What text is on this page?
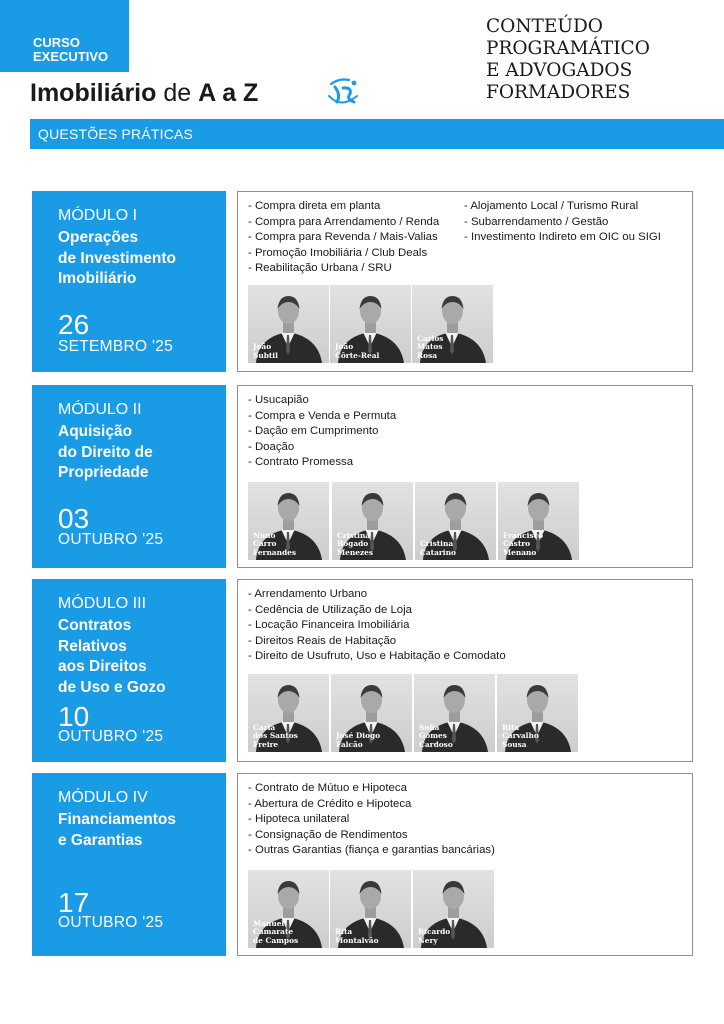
CURSO
EXECUTIVO
Imobiliário de A a Z
CONTEÚDO
PROGRAMÁTICO
E ADVOGADOS
FORMADORES
QUESTÕES PRÁTICAS
MÓDULO I
Operações
de Investimento
Imobiliário
26
SETEMBRO '25
- Compra direta em planta
- Compra para Arrendamento / Renda
- Compra para Revenda / Mais-Valias
- Promoção Imobiliária / Club Deals
- Reabilitação Urbana / SRU
- Alojamento Local / Turismo Rural
- Subarrendamento / Gestão
- Investimento Indireto em OIC ou SIGI
João
Subtil
João
Côrte-Real
Carlos
Matos
Rosa
MÓDULO II
Aquisição
do Direito de
Propriedade
03
OUTUBRO '25
- Usucapião
- Compra e Venda e Permuta
- Dação em Cumprimento
- Doação
- Contrato Promessa
Nuno
Carro
Fernandes
Cristina
Bogado
Menezes
Cristina
Catarino
Francisco
Castro
Menano
MÓDULO III
Contratos
Relativos
aos Direitos
de Uso e Gozo
10
OUTUBRO '25
- Arrendamento Urbano
- Cedência de Utilização de Loja
- Locação Financeira Imobiliária
- Direitos Reais de Habitação
- Direito de Usufruto, Uso e Habitação e Comodato
Carla
dos Santos
Freire
José Diogo
Falcão
Sofia
Gomes
Cardoso
Rita
Carvalho
Sousa
MÓDULO IV
Financiamentos
e Garantias
17
OUTUBRO '25
- Contrato de Mútuo e Hipoteca
- Abertura de Crédito e Hipoteca
- Hipoteca unilateral
- Consignação de Rendimentos
- Outras Garantias (fiança e garantias bancárias)
Manuel
Camarate
de Campos
Rita
Montalvão
Ricardo
Nery
